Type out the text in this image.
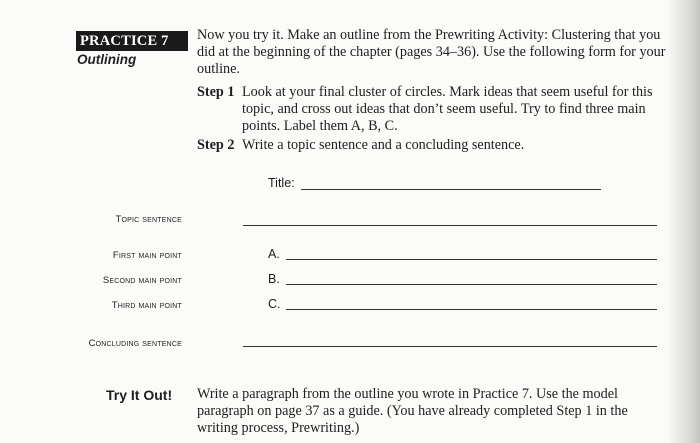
PRACTICE 7
Outlining

Now you try it. Make an outline from the Prewriting Activity: Clustering that you did at the beginning of the chapter (pages 34–36). Use the following form for your outline.

Step 1 Look at your final cluster of circles. Mark ideas that seem useful for this topic, and cross out ideas that don’t seem useful. Try to find three main points. Label them A, B, C.
Step 2 Write a topic sentence and a concluding sentence.
Title:
Topic sentence
First main point	A.
Second main point	B.
Third main point	C.
Concluding sentence
Try It Out! Write a paragraph from the outline you wrote in Practice 7. Use the model paragraph on page 37 as a guide. (You have already completed Step 1 in the writing process, Prewriting.)
